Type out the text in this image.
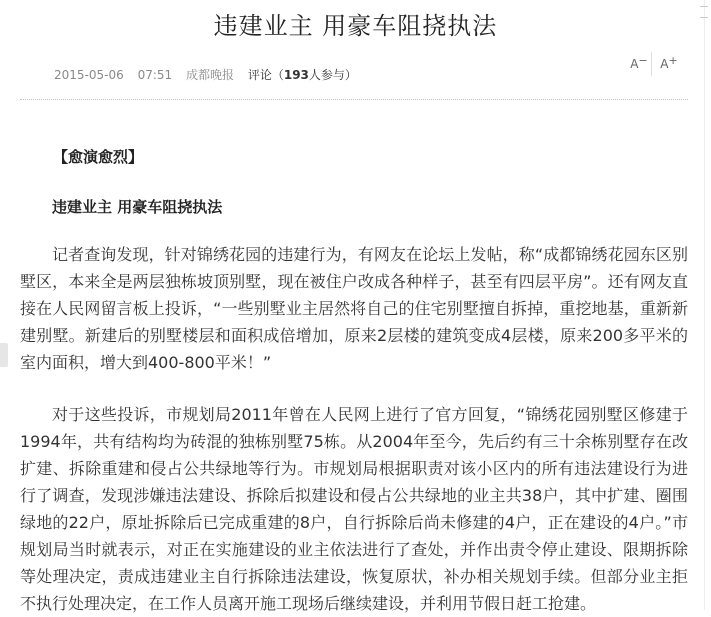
违建业主 用豪车阻挠执法
2015-05-06 07:51 成都晚报 评论（193人参与）
A−	A+
【愈演愈烈】
违建业主 用豪车阻挠执法

记者查询发现，针对锦绣花园的违建行为，有网友在论坛上发帖，称“成都锦绣花园东区别墅区，本来全是两层独栋坡顶别墅，现在被住户改成各种样子，甚至有四层平房”。还有网友直接在人民网留言板上投诉，“一些别墅业主居然将自己的住宅别墅擅自拆掉，重挖地基，重新新建别墅。新建后的别墅楼层和面积成倍增加，原来2层楼的建筑变成4层楼，原来200多平米的室内面积，增大到400-800平米！”

对于这些投诉，市规划局2011年曾在人民网上进行了官方回复，“锦绣花园别墅区修建于1994年，共有结构均为砖混的独栋别墅75栋。从2004年至今，先后约有三十余栋别墅存在改扩建、拆除重建和侵占公共绿地等行为。市规划局根据职责对该小区内的所有违法建设行为进行了调查，发现涉嫌违法建设、拆除后拟建设和侵占公共绿地的业主共38户，其中扩建、圈围绿地的22户，原址拆除后已完成重建的8户，自行拆除后尚未修建的4户，正在建设的4户。”市规划局当时就表示，对正在实施建设的业主依法进行了查处，并作出责令停止建设、限期拆除等处理决定，责成违建业主自行拆除违法建设，恢复原状，补办相关规划手续。但部分业主拒不执行处理决定，在工作人员离开施工现场后继续建设，并利用节假日赶工抢建。
